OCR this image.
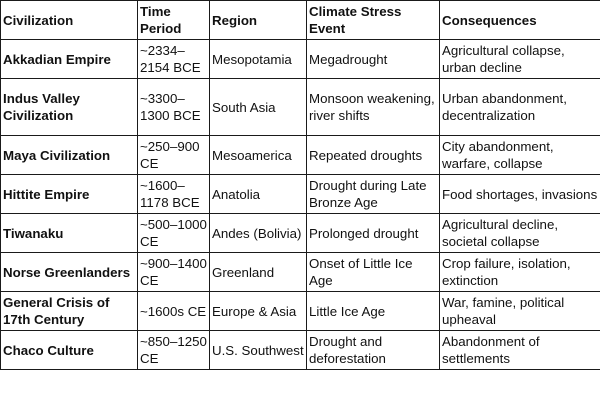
Civilization	Time Period	Region	Climate Stress Event	Consequences
Akkadian Empire	~2334–2154 BCE	Mesopotamia	Megadrought	Agricultural collapse, urban decline
Indus Valley Civilization	~3300–1300 BCE	South Asia	Monsoon weakening, river shifts	Urban abandonment, decentralization
Maya Civilization	~250–900 CE	Mesoamerica	Repeated droughts	City abandonment, warfare, collapse
Hittite Empire	~1600–1178 BCE	Anatolia	Drought during Late Bronze Age	Food shortages, invasions
Tiwanaku	~500–1000 CE	Andes (Bolivia)	Prolonged drought	Agricultural decline, societal collapse
Norse Greenlanders	~900–1400 CE	Greenland	Onset of Little Ice Age	Crop failure, isolation, extinction
General Crisis of 17th Century	~1600s CE	Europe & Asia	Little Ice Age	War, famine, political upheaval
Chaco Culture	~850–1250 CE	U.S. Southwest	Drought and deforestation	Abandonment of settlements
